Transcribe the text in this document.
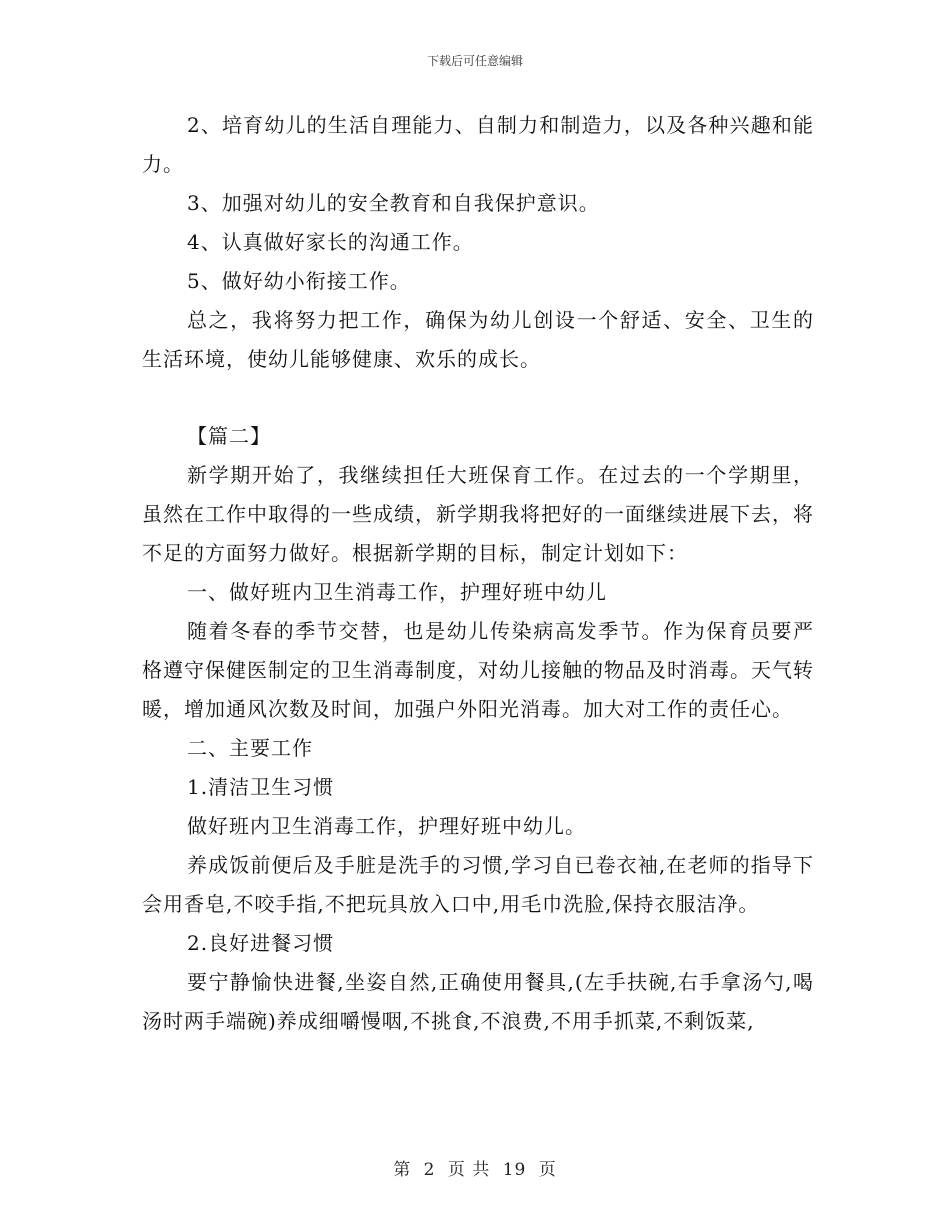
下载后可任意编辑

2、培育幼儿的生活自理能力、自制力和制造力，以及各种兴趣和能力。

3、加强对幼儿的安全教育和自我保护意识。

4、认真做好家长的沟通工作。

5、做好幼小衔接工作。

总之，我将努力把工作，确保为幼儿创设一个舒适、安全、卫生的生活环境，使幼儿能够健康、欢乐的成长。

【篇二】

新学期开始了，我继续担任大班保育工作。在过去的一个学期里，虽然在工作中取得的一些成绩，新学期我将把好的一面继续进展下去，将不足的方面努力做好。根据新学期的目标，制定计划如下：

一、做好班内卫生消毒工作，护理好班中幼儿

随着冬春的季节交替，也是幼儿传染病高发季节。作为保育员要严格遵守保健医制定的卫生消毒制度，对幼儿接触的物品及时消毒。天气转暖，增加通风次数及时间，加强户外阳光消毒。加大对工作的责任心。

二、主要工作

1.清洁卫生习惯

做好班内卫生消毒工作，护理好班中幼儿。

养成饭前便后及手脏是洗手的习惯,学习自已卷衣袖,在老师的指导下会用香皂,不咬手指,不把玩具放入口中,用毛巾洗脸,保持衣服洁净。

2.良好进餐习惯

要宁静愉快进餐,坐姿自然,正确使用餐具,(左手扶碗,右手拿汤勺,喝汤时两手端碗)养成细嚼慢咽,不挑食,不浪费,不用手抓菜,不剩饭菜,

第 2 页 共 19 页
